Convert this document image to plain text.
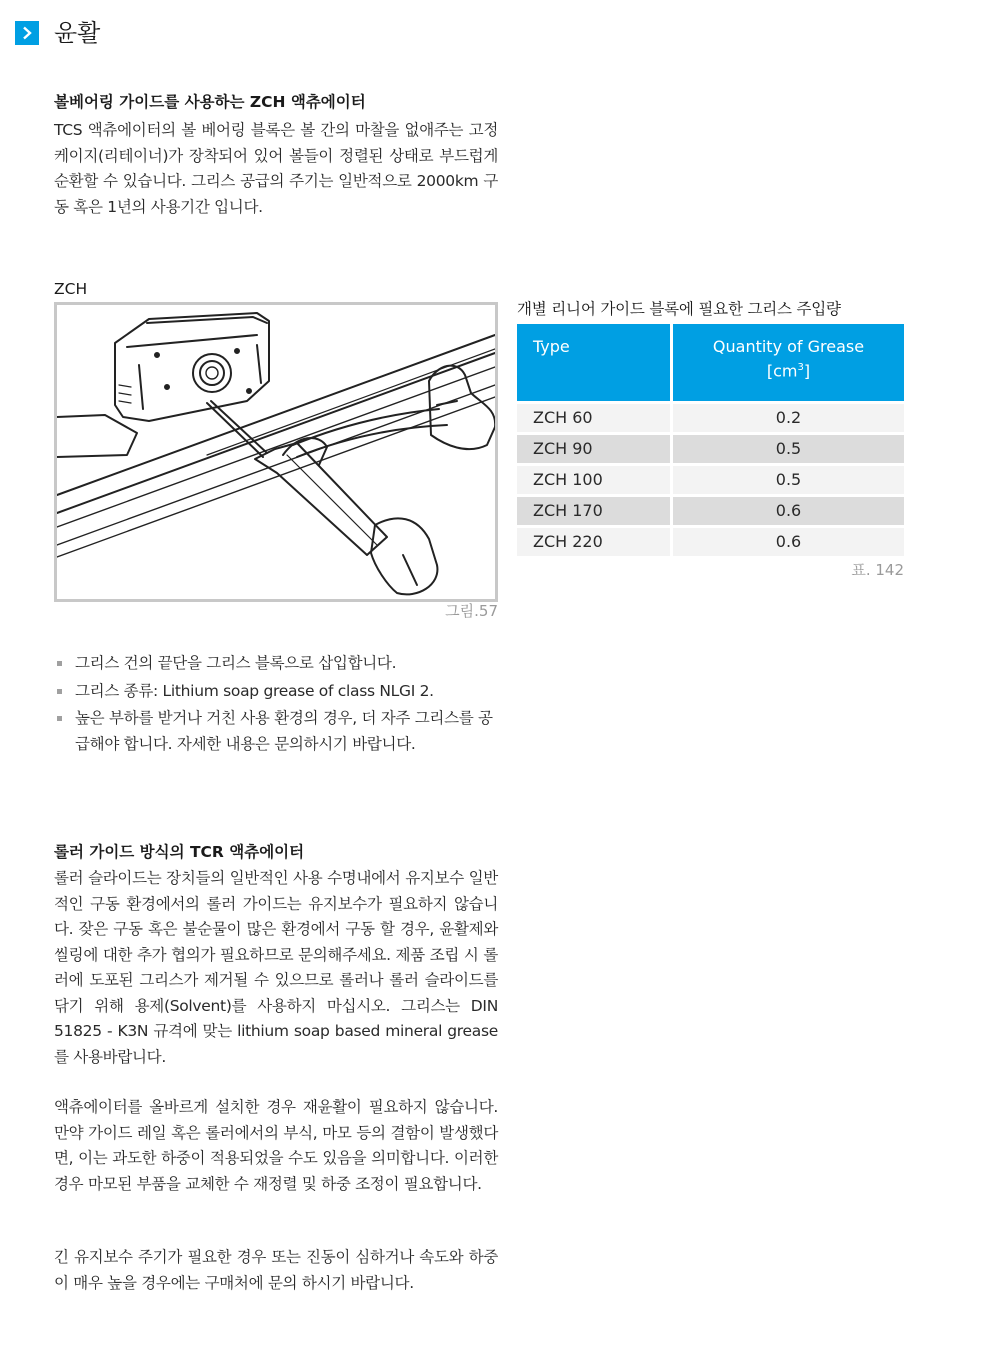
윤활
볼베어링 가이드를 사용하는 ZCH 액츄에이터
TCS 액츄에이터의 볼 베어링 블록은 볼 간의 마찰을 없애주는 고정 케이지(리테이너)가 장착되어 있어 볼들이 정렬된 상태로 부드럽게 순환할 수 있습니다. 그리스 공급의 주기는 일반적으로 2000km 구동 혹은 1년의 사용기간 입니다.
ZCH
그림.57
그리스 건의 끝단을 그리스 블록으로 삽입합니다.
그리스 종류: Lithium soap grease of class NLGI 2.
높은 부하를 받거나 거친 사용 환경의 경우, 더 자주 그리스를 공급해야 합니다. 자세한 내용은 문의하시기 바랍니다.
롤러 가이드 방식의 TCR 액츄에이터
롤러 슬라이드는 장치들의 일반적인 사용 수명내에서 유지보수 일반적인 구동 환경에서의 롤러 가이드는 유지보수가 필요하지 않습니다. 잦은 구동 혹은 불순물이 많은 환경에서 구동 할 경우, 윤활제와 씰링에 대한 추가 협의가 필요하므로 문의해주세요. 제품 조립 시 롤러에 도포된 그리스가 제거될 수 있으므로 롤러나 롤러 슬라이드를 닦기 위해 용제(Solvent)를 사용하지 마십시오. 그리스는 DIN 51825 - K3N 규격에 맞는 lithium soap based mineral grease 를 사용바랍니다.
액츄에이터를 올바르게 설치한 경우 재윤활이 필요하지 않습니다. 만약 가이드 레일 혹은 롤러에서의 부식, 마모 등의 결함이 발생했다면, 이는 과도한 하중이 적용되었을 수도 있음을 의미합니다. 이러한 경우 마모된 부품을 교체한 수 재정렬 및 하중 조정이 필요합니다.
긴 유지보수 주기가 필요한 경우 또는 진동이 심하거나 속도와 하중이 매우 높을 경우에는 구매처에 문의 하시기 바랍니다.
개별 리니어 가이드 블록에 필요한 그리스 주입량
Type	Quantity of Grease
$[cm^3]$

ZCH 60	0.2
ZCH 90	0.5
ZCH 100	0.5
ZCH 170	0.6
ZCH 220	0.6
표. 142
